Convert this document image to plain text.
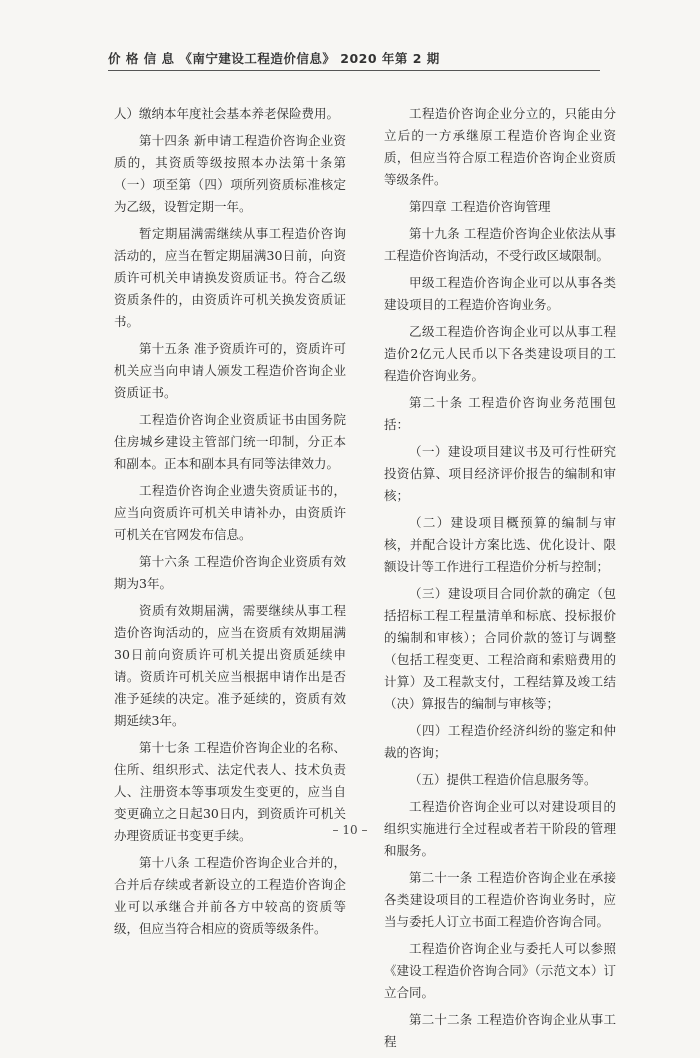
价 格 信 息 《南宁建设工程造价信息》 2020 年第 2 期

人）缴纳本年度社会基本养老保险费用。

第十四条 新申请工程造价咨询企业资质的，其资质等级按照本办法第十条第（一）项至第（四）项所列资质标准核定为乙级，设暂定期一年。

暂定期届满需继续从事工程造价咨询活动的，应当在暂定期届满30日前，向资质许可机关申请换发资质证书。符合乙级资质条件的，由资质许可机关换发资质证书。

第十五条 准予资质许可的，资质许可机关应当向申请人颁发工程造价咨询企业资质证书。

工程造价咨询企业资质证书由国务院住房城乡建设主管部门统一印制，分正本和副本。正本和副本具有同等法律效力。

工程造价咨询企业遗失资质证书的，应当向资质许可机关申请补办，由资质许可机关在官网发布信息。

第十六条 工程造价咨询企业资质有效期为3年。

资质有效期届满，需要继续从事工程造价咨询活动的，应当在资质有效期届满30日前向资质许可机关提出资质延续申请。资质许可机关应当根据申请作出是否准予延续的决定。准予延续的，资质有效期延续3年。

第十七条 工程造价咨询企业的名称、住所、组织形式、法定代表人、技术负责人、注册资本等事项发生变更的，应当自变更确立之日起30日内，到资质许可机关办理资质证书变更手续。

第十八条 工程造价咨询企业合并的，合并后存续或者新设立的工程造价咨询企业可以承继合并前各方中较高的资质等级，但应当符合相应的资质等级条件。

工程造价咨询企业分立的，只能由分立后的一方承继原工程造价咨询企业资质，但应当符合原工程造价咨询企业资质等级条件。

第四章 工程造价咨询管理

第十九条 工程造价咨询企业依法从事工程造价咨询活动，不受行政区域限制。

甲级工程造价咨询企业可以从事各类建设项目的工程造价咨询业务。

乙级工程造价咨询企业可以从事工程造价2亿元人民币以下各类建设项目的工程造价咨询业务。

第二十条 工程造价咨询业务范围包括：

（一）建设项目建议书及可行性研究投资估算、项目经济评价报告的编制和审核；

（二）建设项目概预算的编制与审核，并配合设计方案比选、优化设计、限额设计等工作进行工程造价分析与控制；

（三）建设项目合同价款的确定（包括招标工程工程量清单和标底、投标报价的编制和审核）；合同价款的签订与调整（包括工程变更、工程洽商和索赔费用的计算）及工程款支付，工程结算及竣工结（决）算报告的编制与审核等；

（四）工程造价经济纠纷的鉴定和仲裁的咨询；

（五）提供工程造价信息服务等。

工程造价咨询企业可以对建设项目的组织实施进行全过程或者若干阶段的管理和服务。

第二十一条 工程造价咨询企业在承接各类建设项目的工程造价咨询业务时，应当与委托人订立书面工程造价咨询合同。

工程造价咨询企业与委托人可以参照《建设工程造价咨询合同》（示范文本）订立合同。

第二十二条 工程造价咨询企业从事工程

– 10 –
